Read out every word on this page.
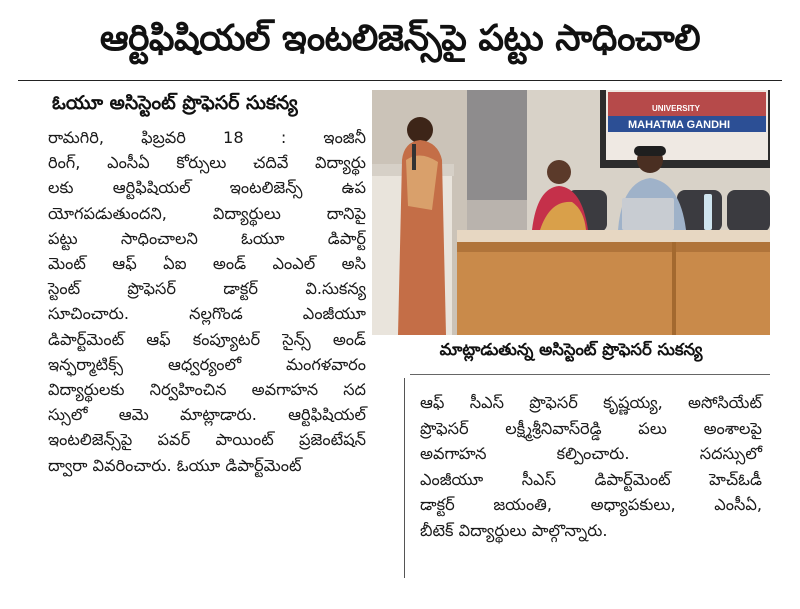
ఆర్టిఫిషియల్ ఇంటలిజెన్స్‌పై పట్టు సాధించాలి
ఓయూ అసిస్టెంట్ ప్రొఫెసర్ సుకన్య
రామగిరి, ఫిబ్రవరి 18 : ఇంజినీ
రింగ్, ఎంసీఏ కోర్సులు చదివే విద్యార్థు
లకు ఆర్టిఫిషియల్ ఇంటలిజెన్స్ ఉప
యోగపడుతుందని, విద్యార్థులు దానిపై
పట్టు సాధించాలని ఓయూ డిపార్ట్
మెంట్ ఆఫ్ ఏఐ అండ్ ఎంఎల్ అసి
స్టెంట్ ప్రొఫెసర్ డాక్టర్ వి.సుకన్య
సూచించారు. నల్లగొండ ఎంజీయూ
డిపార్ట్‌మెంట్ ఆఫ్ కంప్యూటర్ సైన్స్ అండ్
ఇన్ఫర్మాటిక్స్ ఆధ్వర్యంలో మంగళవారం
విద్యార్థులకు నిర్వహించిన అవగాహన సద
స్సులో ఆమె మాట్లాడారు. ఆర్టిఫిషియల్
ఇంటలిజెన్స్‌పై పవర్ పాయింట్ ప్రజెంటేషన్
ద్వారా వివరించారు. ఓయూ డిపార్ట్‌మెంట్
MAHATMA GANDHI
UNIVERSITY
మాట్లాడుతున్న అసిస్టెంట్ ప్రొఫెసర్ సుకన్య
ఆఫ్ సీఎస్ ప్రొఫెసర్ కృష్ణయ్య, అసోసియేట్
ప్రొఫెసర్ లక్ష్మీశ్రీనివాస్‌రెడ్డి పలు అంశాలపై
అవగాహన కల్పించారు. సదస్సులో
ఎంజీయూ సీఎస్ డిపార్ట్‌మెంట్ హెచ్‌ఓడీ
డాక్టర్ జయంతి, అధ్యాపకులు, ఎంసీఏ,
బీటెక్ విద్యార్థులు పాల్గొన్నారు.
